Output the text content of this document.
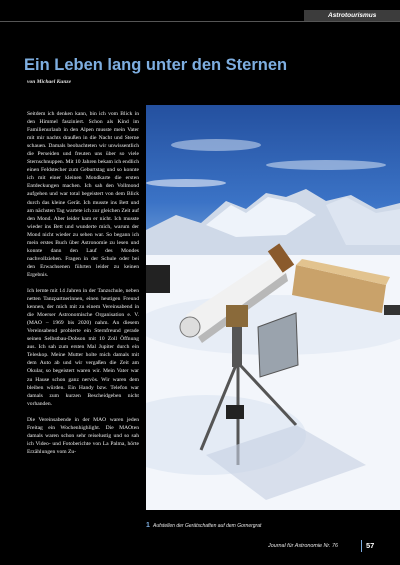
Astrotourismus
Ein Leben lang unter den Sternen
von Michael Kunze

Seitdem ich denken kann, bin ich vom Blick in den Himmel fasziniert. Schon als Kind im Familienurlaub in den Alpen musste mein Vater mit mir nachts draußen in die Nacht und Sterne schauen. Damals beobachteten wir unwissentlich die Perseiden und freuten uns über so viele Sternschnuppen. Mit 10 Jahren bekam ich endlich einen Feldstecher zum Geburtstag und so konnte ich mit einer kleinen Mondkarte die ersten Entdeckungen machen. Ich sah den Vollmond aufgehen und war total begeistert von dem Blick durch das kleine Gerät. Ich musste ins Bett und am nächsten Tag wartete ich zur gleichen Zeit auf den Mond. Aber leider kam er nicht. Ich musste wieder ins Bett und wunderte mich, warum der Mond nicht wieder zu sehen war. So begann ich mein erstes Buch über Astronomie zu lesen und konnte dann den Lauf des Mondes nachvollziehen. Fragen in der Schule oder bei den Erwachsenen führten leider zu keinen Ergebnis.

Ich lernte mit 14 Jahren in der Tanzschule, neben netten Tanzpartnerinnen, einen heutigen Freund kennen, der mich mit zu einem Vereinsabend in die Moerser Astronomische Organisation e. V. (MAO – 1969 bis 2020) nahm. An diesem Vereinsabend probierte ein Sternfreund gerade seinen Selbstbau-Dobson mit 10 Zoll Öffnung aus. Ich sah zum ersten Mal Jupiter durch ein Teleskop. Meine Mutter holte mich damals mit dem Auto ab und wir vergaßen die Zeit am Okular, so begeistert waren wir. Mein Vater war zu Hause schon ganz nervös. Wir waren dem bleiben würden. Ein Handy bzw. Telefon war damals zum kurzen Bescheidgeben nicht vorhanden.

Die Vereinsabende in der MAO waren jeden Freitag ein Wochenhighlight. Die MAOten damals waren schon sehr reiselustig und so sah ich Video- und Fotoberichte von La Palma, hörte Erzählungen vom Zu-

1 Aufstellen der Gerätschaften auf dem Gornergrat
Journal für Astronomie Nr. 76	57
